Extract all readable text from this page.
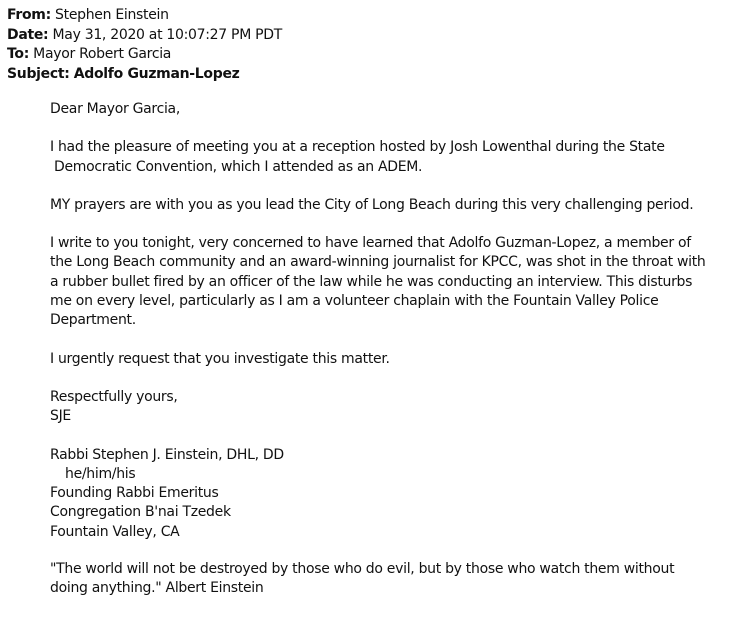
From: Stephen Einstein
Date: May 31, 2020 at 10:07:27 PM PDT
To: Mayor Robert Garcia
Subject: Adolfo Guzman-Lopez
Dear Mayor Garcia,
I had the pleasure of meeting you at a reception hosted by Josh Lowenthal during the State
Democratic Convention, which I attended as an ADEM.
MY prayers are with you as you lead the City of Long Beach during this very challenging period.
I write to you tonight, very concerned to have learned that Adolfo Guzman-Lopez, a member of
the Long Beach community and an award-winning journalist for KPCC, was shot in the throat with
a rubber bullet fired by an officer of the law while he was conducting an interview. This disturbs
me on every level, particularly as I am a volunteer chaplain with the Fountain Valley Police
Department.
I urgently request that you investigate this matter.
Respectfully yours,
SJE
Rabbi Stephen J. Einstein, DHL, DD
he/him/his
Founding Rabbi Emeritus
Congregation B'nai Tzedek
Fountain Valley, CA
"The world will not be destroyed by those who do evil, but by those who watch them without
doing anything." Albert Einstein
